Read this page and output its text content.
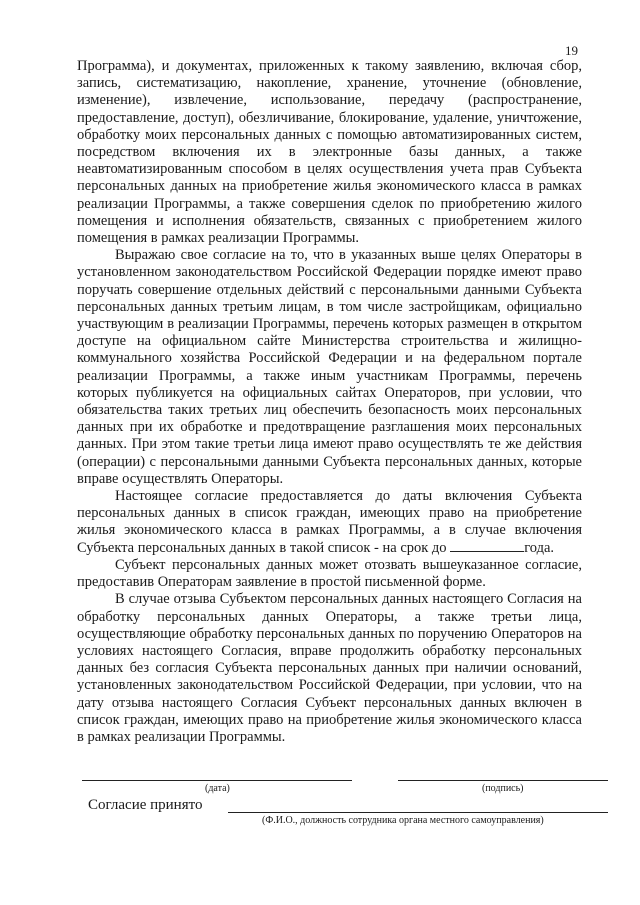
19

Программа), и документах, приложенных к такому заявлению, включая сбор, запись, систематизацию, накопление, хранение, уточнение (обновление, изменение), извлечение, использование, передачу (распространение, предоставление, доступ), обезличивание, блокирование, удаление, уничтожение, обработку моих персональных данных с помощью автоматизированных систем, посредством включения их в электронные базы данных, а также неавтоматизированным способом в целях осуществления учета прав Субъекта персональных данных на приобретение жилья экономического класса в рамках реализации Программы, а также совершения сделок по приобретению жилого помещения и исполнения обязательств, связанных с приобретением жилого помещения в рамках реализации Программы.

Выражаю свое согласие на то, что в указанных выше целях Операторы в установленном законодательством Российской Федерации порядке имеют право поручать совершение отдельных действий с персональными данными Субъекта персональных данных третьим лицам, в том числе застройщикам, официально участвующим в реализации Программы, перечень которых размещен в открытом доступе на официальном сайте Министерства строительства и жилищно-коммунального хозяйства Российской Федерации и на федеральном портале реализации Программы, а также иным участникам Программы, перечень которых публикуется на официальных сайтах Операторов, при условии, что обязательства таких третьих лиц обеспечить безопасность моих персональных данных при их обработке и предотвращение разглашения моих персональных данных. При этом такие третьи лица имеют право осуществлять те же действия (операции) с персональными данными Субъекта персональных данных, которые вправе осуществлять Операторы.

Настоящее согласие предоставляется до даты включения Субъекта персональных данных в список граждан, имеющих право на приобретение жилья экономического класса в рамках Программы, а в случае включения Субъекта персональных данных в такой список - на срок до	года.

Субъект персональных данных может отозвать вышеуказанное согласие, предоставив Операторам заявление в простой письменной форме.

В случае отзыва Субъектом персональных данных настоящего Согласия на обработку персональных данных Операторы, а также третьи лица, осуществляющие обработку персональных данных по поручению Операторов на условиях настоящего Согласия, вправе продолжить обработку персональных данных без согласия Субъекта персональных данных при наличии оснований, установленных законодательством Российской Федерации, при условии, что на дату отзыва настоящего Согласия Субъект персональных данных включен в список граждан, имеющих право на приобретение жилья экономического класса в рамках реализации Программы.

(дата)	(подпись)
Согласие принято
(Ф.И.О., должность сотрудника органа местного самоуправления)
